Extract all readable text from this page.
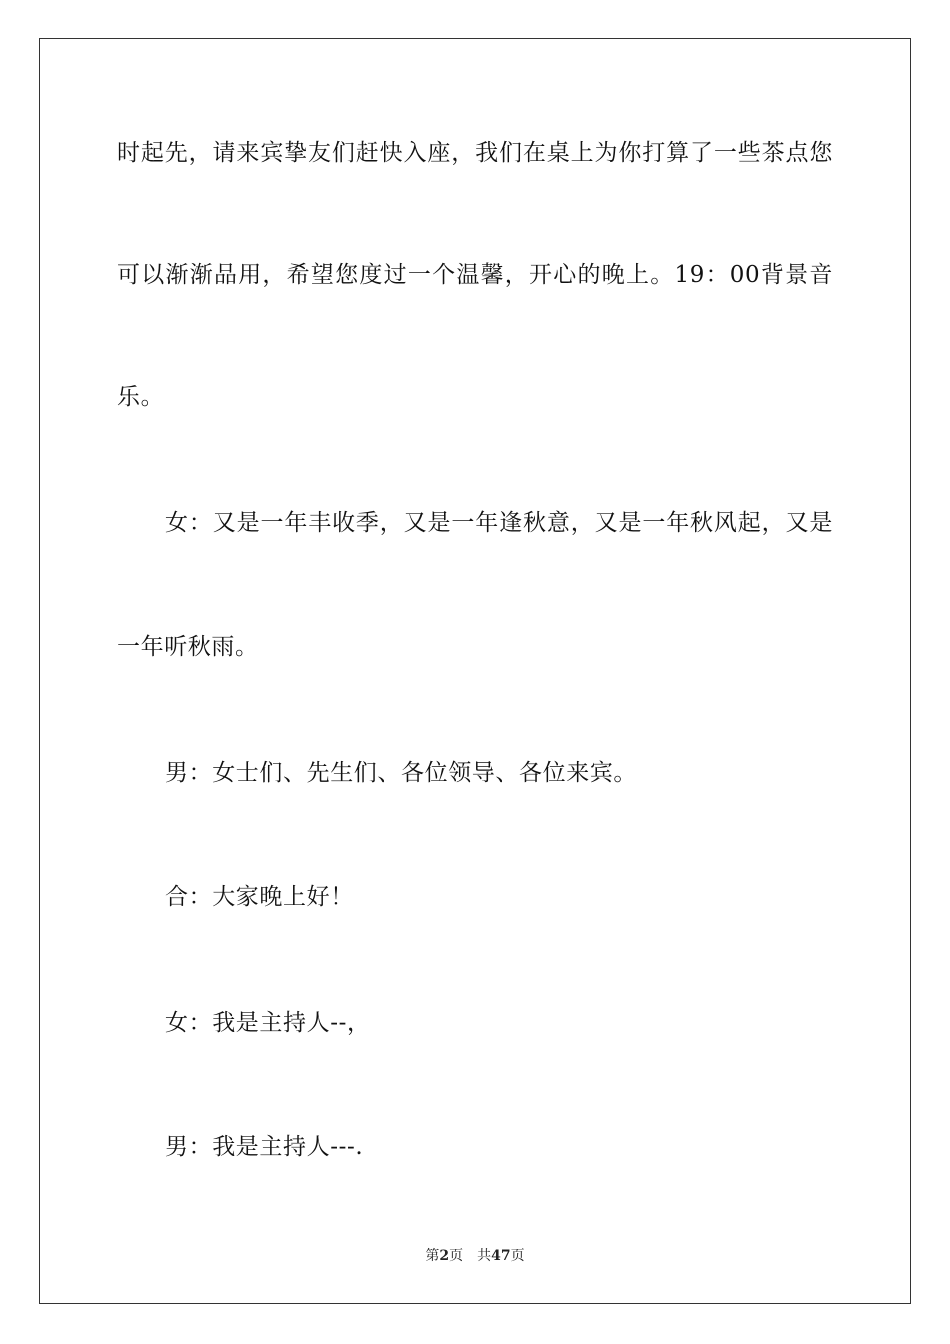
时起先，请来宾挚友们赶快入座，我们在桌上为你打算了一些茶点您
可以渐渐品用，希望您度过一个温馨，开心的晚上。19：00背景音
乐。
女：又是一年丰收季，又是一年逢秋意，又是一年秋风起，又是
一年听秋雨。
男：女士们、先生们、各位领导、各位来宾。
合：大家晚上好！
女：我是主持人--，
男：我是主持人---.
第2页 共47页
